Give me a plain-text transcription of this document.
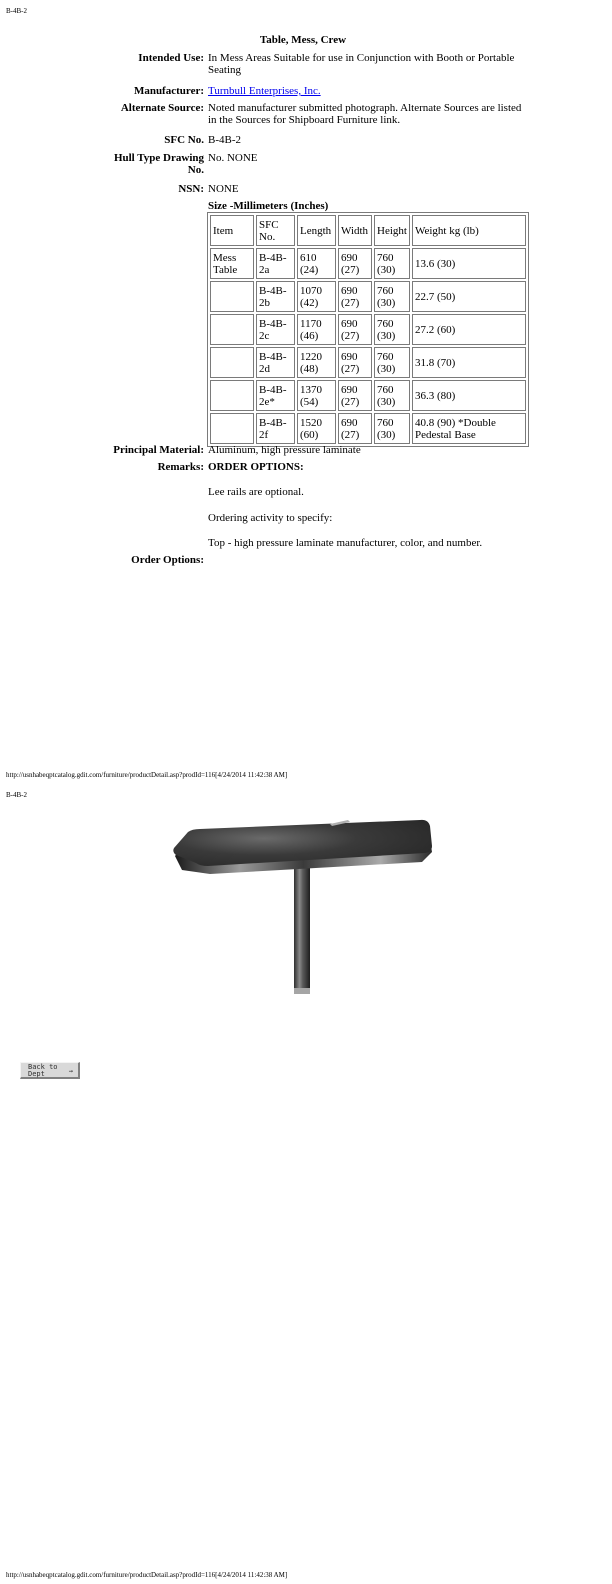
B-4B-2
Table, Mess, Crew
Intended Use: In Mess Areas Suitable for use in Conjunction with Booth or Portable Seating
Manufacturer: Turnbull Enterprises, Inc.
Alternate Source: Noted manufacturer submitted photograph. Alternate Sources are listed in the Sources for Shipboard Furniture link.
SFC No. B-4B-2
Hull Type Drawing No.
No. NONE
NSN: NONE
Size -Millimeters (Inches)
Item	SFC No.	Length	Width	Height	Weight kg (lb)
Mess Table	B-4B-2a	610 (24)	690 (27)	760 (30)	13.6 (30)
	B-4B-2b	1070 (42)	690 (27)	760 (30)	22.7 (50)
	B-4B-2c	1170 (46)	690 (27)	760 (30)	27.2 (60)
	B-4B-2d	1220 (48)	690 (27)	760 (30)	31.8 (70)
	B-4B-2e*	1370 (54)	690 (27)	760 (30)	36.3 (80)
	B-4B-2f	1520 (60)	690 (27)	760 (30)	40.8 (90) *Double Pedestal Base
Principal Material: Aluminum, high pressure laminate
Remarks: ORDER OPTIONS:
Lee rails are optional.
Ordering activity to specify:
Top - high pressure laminate manufacturer, color, and number.
Order Options:
http://usnhabeqptcatalog.gdit.com/furniture/productDetail.asp?prodId=116[4/24/2014 11:42:38 AM]
B-4B-2
Back to
Dept	→
http://usnhabeqptcatalog.gdit.com/furniture/productDetail.asp?prodId=116[4/24/2014 11:42:38 AM]
